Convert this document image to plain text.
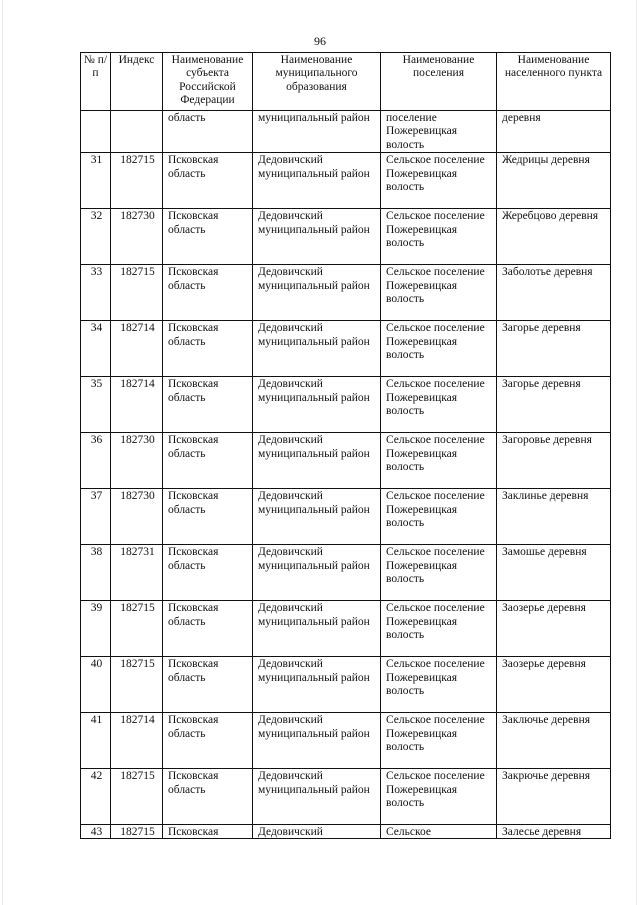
96
№ п/п	Индекс	Наименование субъекта Российской Федерации	Наименование муниципального образования	Наименование поселения	Наименование населенного пункта
		область	муниципальный район	поселение Пожеревицкая волость	деревня
31	182715	Псковская область	Дедовичский муниципальный район	Сельское поселение Пожеревицкая волость	Жедрицы деревня
32	182730	Псковская область	Дедовичский муниципальный район	Сельское поселение Пожеревицкая волость	Жеребцово деревня
33	182715	Псковская область	Дедовичский муниципальный район	Сельское поселение Пожеревицкая волость	Заболотье деревня
34	182714	Псковская область	Дедовичский муниципальный район	Сельское поселение Пожеревицкая волость	Загорье деревня
35	182714	Псковская область	Дедовичский муниципальный район	Сельское поселение Пожеревицкая волость	Загорье деревня
36	182730	Псковская область	Дедовичский муниципальный район	Сельское поселение Пожеревицкая волость	Загоровье деревня
37	182730	Псковская область	Дедовичский муниципальный район	Сельское поселение Пожеревицкая волость	Заклинье деревня
38	182731	Псковская область	Дедовичский муниципальный район	Сельское поселение Пожеревицкая волость	Замошье деревня
39	182715	Псковская область	Дедовичский муниципальный район	Сельское поселение Пожеревицкая волость	Заозерье деревня
40	182715	Псковская область	Дедовичский муниципальный район	Сельское поселение Пожеревицкая волость	Заозерье деревня
41	182714	Псковская область	Дедовичский муниципальный район	Сельское поселение Пожеревицкая волость	Заключье деревня
42	182715	Псковская область	Дедовичский муниципальный район	Сельское поселение Пожеревицкая волость	Закрючье деревня
43	182715	Псковская	Дедовичский	Сельское	Залесье деревня
